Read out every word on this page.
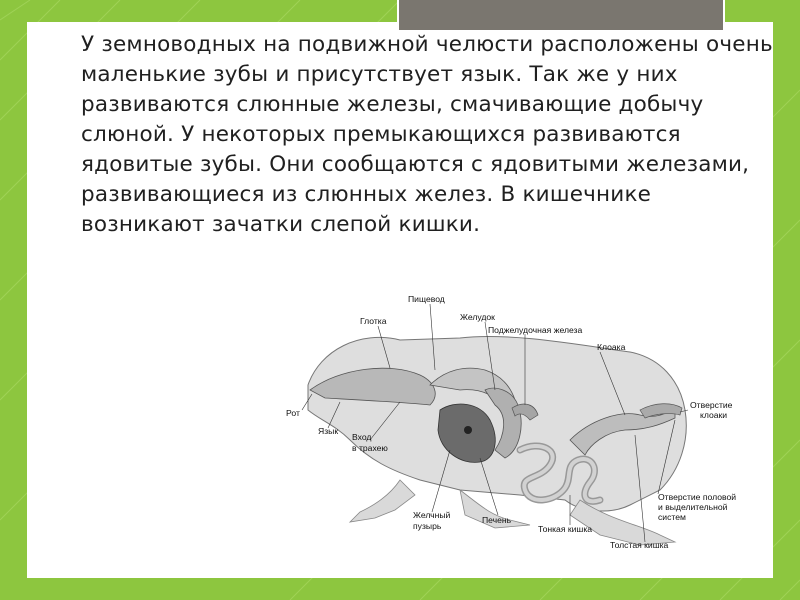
У земноводных на подвижной челюсти расположены очень маленькие зубы и присутствует язык. Так же у них развиваются слюнные железы, смачивающие добычу слюной. У некоторых премыкающихся развиваются ядовитые зубы. Они сообщаются с ядовитыми железами, развивающиеся из слюнных желез. В кишечнике возникают зачатки слепой кишки.

Пищевод
Глотка	Желудок
Поджелудочная железа
Клоака
Рот
Язык
Вход
в трахею
Отверстие
клоаки
Отверстие половой
и выделительной
систем
Желчный
пузырь
Печень
Тонкая кишка
Толстая кишка
